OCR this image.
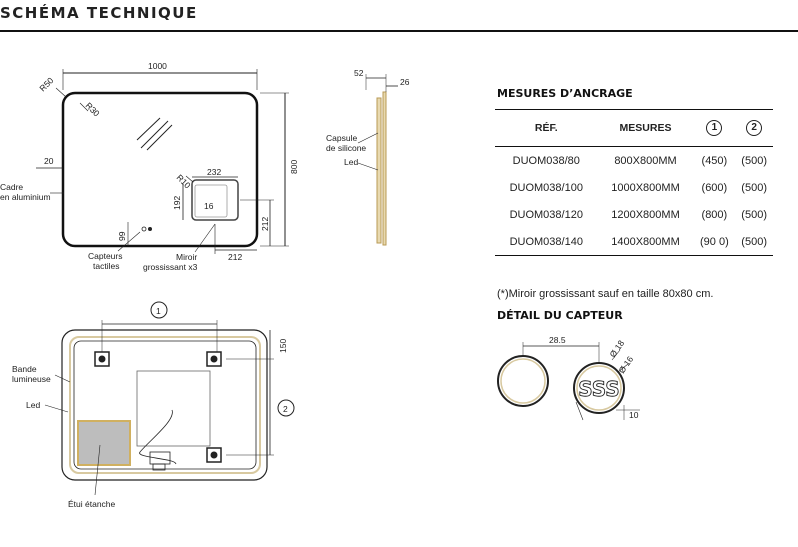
SCHÉMA TECHNIQUE
1000
800
R50
R30
20
232
R10
192	16
212
212
99
Cadre
en aluminium
Capteurs
tactiles
Miroir
grossissant x3
52
26
Capsule
de silicone
Led
1
2
150
Bande
lumineuse
Led
Étui étanche
SSS
28.5	Ø 18
Ø 16
10
MESURES D’ANCRAGE
RÉF.	MESURES	1	2
DUOM038/80	800X800MM	(450)	(500)
DUOM038/100	1000X800MM	(600)	(500)
DUOM038/120	1200X800MM	(800)	(500)
DUOM038/140	1400X800MM	(90 0)	(500)
(*)Miroir grossissant sauf en taille 80x80 cm.
DÉTAIL DU CAPTEUR
